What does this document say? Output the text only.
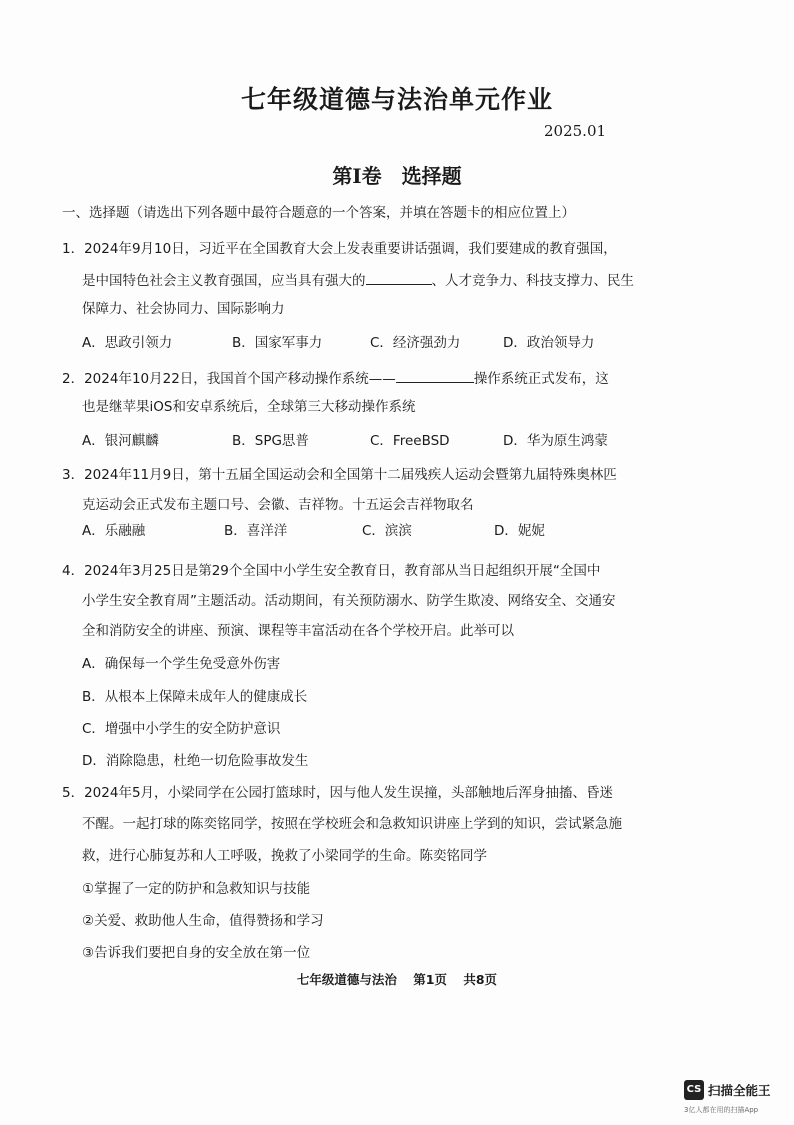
七年级道德与法治单元作业
2025.01
第I卷　选择题
一、选择题（请选出下列各题中最符合题意的一个答案，并填在答题卡的相应位置上）
1．2024年9月10日，习近平在全国教育大会上发表重要讲话强调，我们要建成的教育强国，
是中国特色社会主义教育强国，应当具有强大的	、人才竞争力、科技支撑力、民生
保障力、社会协同力、国际影响力
A．思政引领力	B．国家军事力	C．经济强劲力	D．政治领导力
2．2024年10月22日，我国首个国产移动操作系统——	操作系统正式发布，这
也是继苹果iOS和安卓系统后，全球第三大移动操作系统
A．银河麒麟	B．SPG思普	C．FreeBSD	D．华为原生鸿蒙
3．2024年11月9日，第十五届全国运动会和全国第十二届残疾人运动会暨第九届特殊奥林匹
克运动会正式发布主题口号、会徽、吉祥物。十五运会吉祥物取名
A．乐融融	B．喜洋洋	C．滨滨	D．妮妮
4．2024年3月25日是第29个全国中小学生安全教育日，教育部从当日起组织开展“全国中
小学生安全教育周”主题活动。活动期间，有关预防溺水、防学生欺凌、网络安全、交通安
全和消防安全的讲座、预演、课程等丰富活动在各个学校开启。此举可以
A．确保每一个学生免受意外伤害
B．从根本上保障未成年人的健康成长
C．增强中小学生的安全防护意识
D．消除隐患，杜绝一切危险事故发生
5．2024年5月，小梁同学在公园打篮球时，因与他人发生误撞，头部触地后浑身抽搐、昏迷
不醒。一起打球的陈奕铭同学，按照在学校班会和急救知识讲座上学到的知识，尝试紧急施
救，进行心肺复苏和人工呼吸，挽救了小梁同学的生命。陈奕铭同学
①掌握了一定的防护和急救知识与技能
②关爱、救助他人生命，值得赞扬和学习
③告诉我们要把自身的安全放在第一位
七年级道德与法治 第1页 共8页
CS 扫描全能王
3亿人都在用的扫描App
